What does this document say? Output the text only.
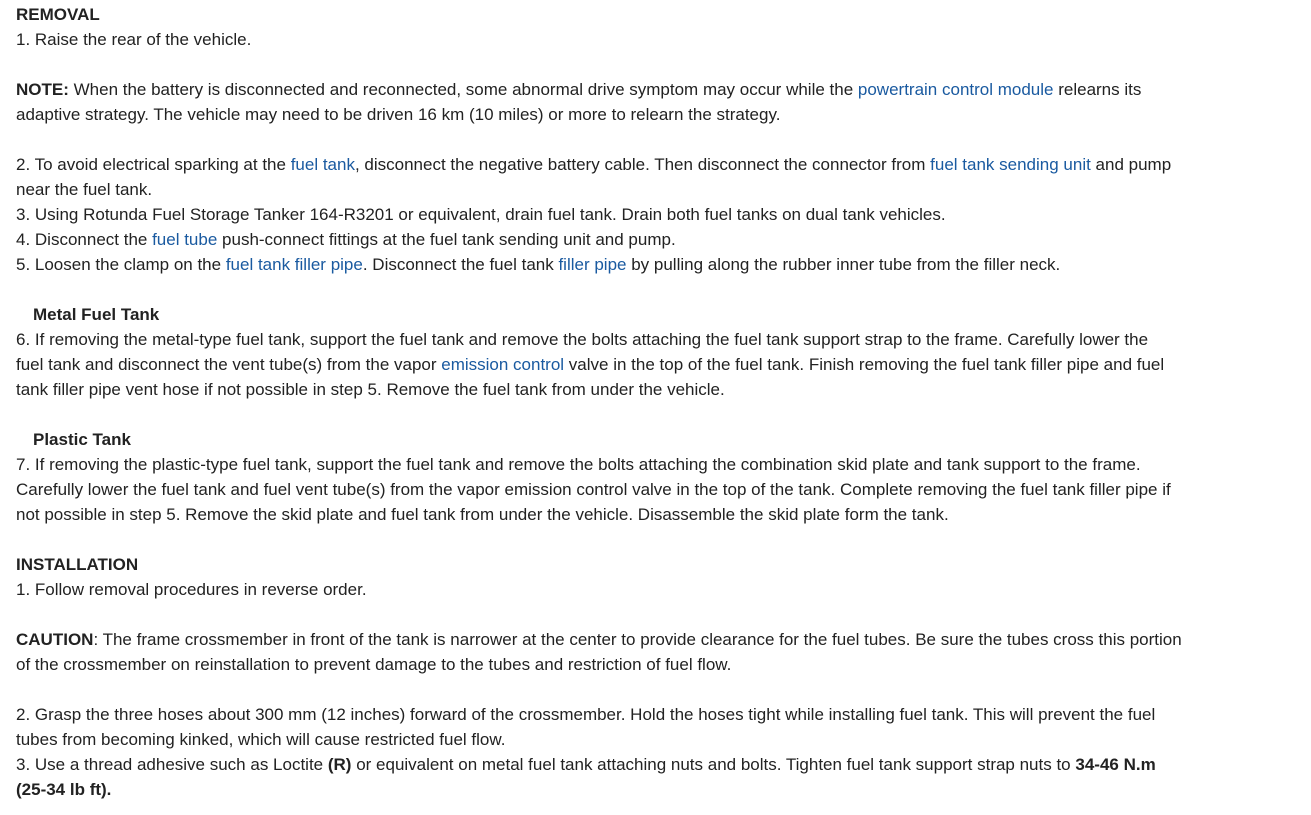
REMOVAL
1. Raise the rear of the vehicle.
NOTE: When the battery is disconnected and reconnected, some abnormal drive symptom may occur while the powertrain control module relearns its
adaptive strategy. The vehicle may need to be driven 16 km (10 miles) or more to relearn the strategy.
2. To avoid electrical sparking at the fuel tank, disconnect the negative battery cable. Then disconnect the connector from fuel tank sending unit and pump
near the fuel tank.
3. Using Rotunda Fuel Storage Tanker 164-R3201 or equivalent, drain fuel tank. Drain both fuel tanks on dual tank vehicles.
4. Disconnect the fuel tube push-connect fittings at the fuel tank sending unit and pump.
5. Loosen the clamp on the fuel tank filler pipe. Disconnect the fuel tank filler pipe by pulling along the rubber inner tube from the filler neck.
Metal Fuel Tank
6. If removing the metal-type fuel tank, support the fuel tank and remove the bolts attaching the fuel tank support strap to the frame. Carefully lower the
fuel tank and disconnect the vent tube(s) from the vapor emission control valve in the top of the fuel tank. Finish removing the fuel tank filler pipe and fuel
tank filler pipe vent hose if not possible in step 5. Remove the fuel tank from under the vehicle.
Plastic Tank
7. If removing the plastic-type fuel tank, support the fuel tank and remove the bolts attaching the combination skid plate and tank support to the frame.
Carefully lower the fuel tank and fuel vent tube(s) from the vapor emission control valve in the top of the tank. Complete removing the fuel tank filler pipe if
not possible in step 5. Remove the skid plate and fuel tank from under the vehicle. Disassemble the skid plate form the tank.
INSTALLATION
1. Follow removal procedures in reverse order.
CAUTION: The frame crossmember in front of the tank is narrower at the center to provide clearance for the fuel tubes. Be sure the tubes cross this portion
of the crossmember on reinstallation to prevent damage to the tubes and restriction of fuel flow.
2. Grasp the three hoses about 300 mm (12 inches) forward of the crossmember. Hold the hoses tight while installing fuel tank. This will prevent the fuel
tubes from becoming kinked, which will cause restricted fuel flow.
3. Use a thread adhesive such as Loctite (R) or equivalent on metal fuel tank attaching nuts and bolts. Tighten fuel tank support strap nuts to 34-46 N.m
(25-34 lb ft).
